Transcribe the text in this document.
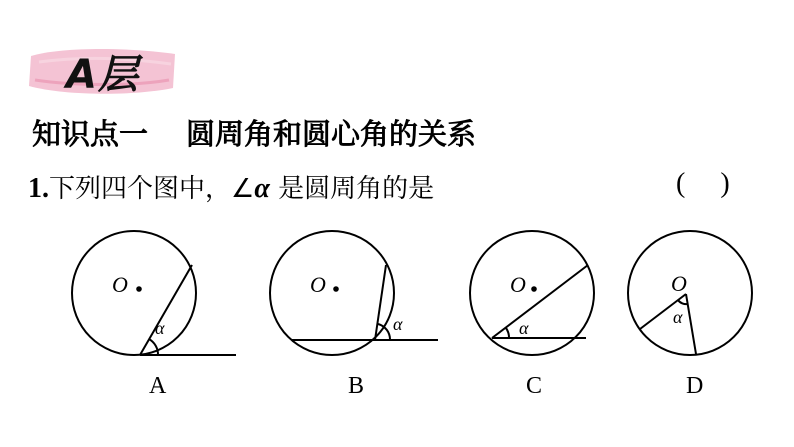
A层
知识点一 圆周角和圆心角的关系
1.下列四个图中，∠α 是圆周角的是	(     )
O
α
A
O
α
B
O
α
C
O
α
D
